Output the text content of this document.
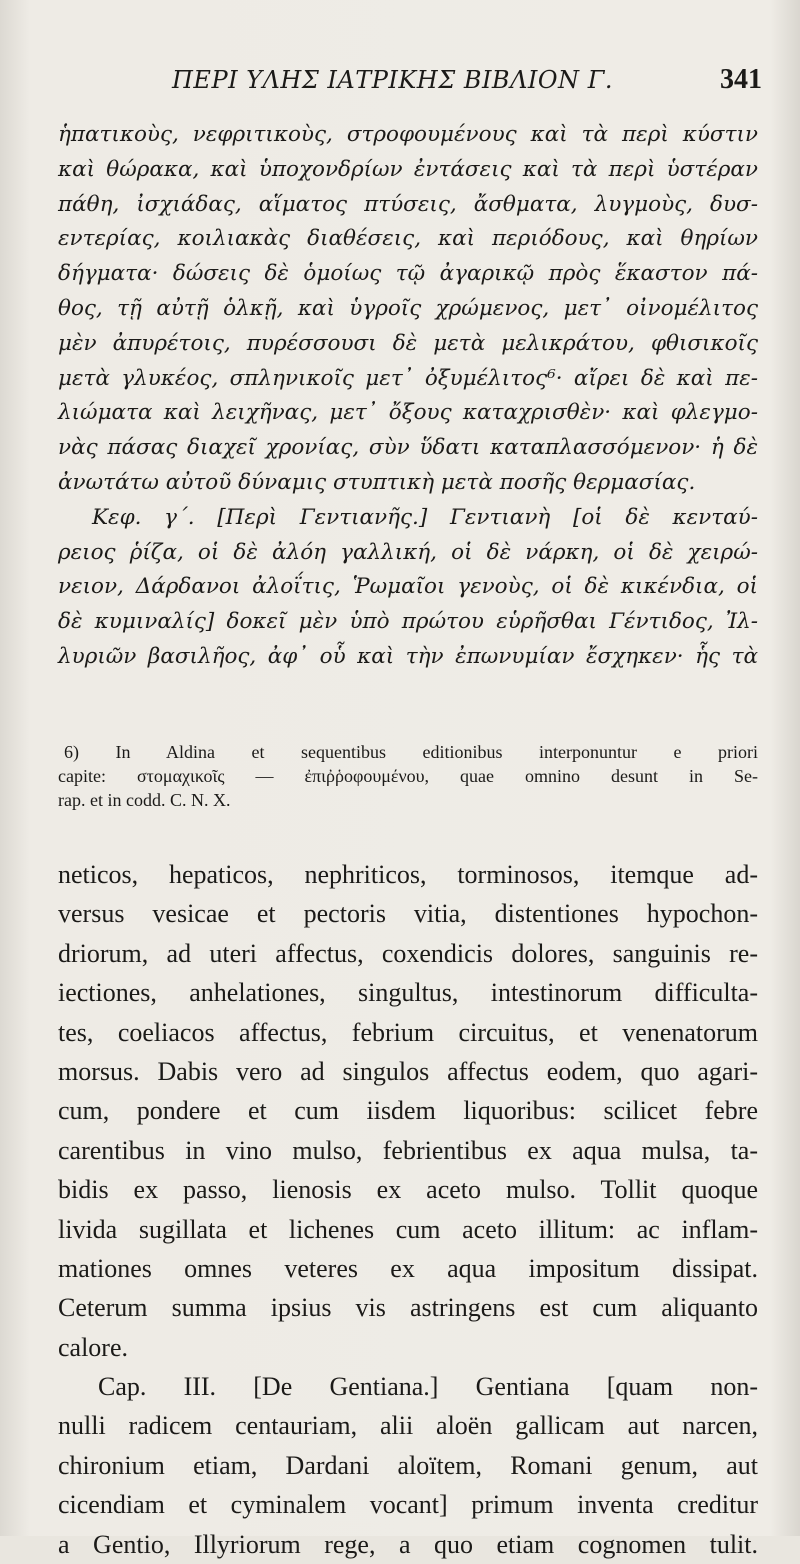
ΠΕΡΙ ΥΛΗΣ ΙΑΤΡΙΚΗΣ ΒΙΒΛΙΟΝ Γ.	341
ἡπατικοὺς, νεφριτικοὺς, στροφουμένους καὶ τὰ περὶ κύστιν
καὶ θώρακα, καὶ ὑποχονδρίων ἐντάσεις καὶ τὰ περὶ ὑστέραν
πάθη, ἰσχιάδας, αἵματος πτύσεις, ἄσθματα, λυγμοὺς, δυσ-
εντερίας, κοιλιακὰς διαθέσεις, καὶ περιόδους, καὶ θηρίων
δήγματα· δώσεις δὲ ὁμοίως τῷ ἀγαρικῷ πρὸς ἕκαστον πά-
θος, τῇ αὐτῇ ὁλκῇ, καὶ ὑγροῖς χρώμενος, μετ᾽ οἰνομέλιτος
μὲν ἀπυρέτοις, πυρέσσουσι δὲ μετὰ μελικράτου, φθισικοῖς
μετὰ γλυκέος, σπληνικοῖς μετ᾽ ὀξυμέλιτος⁶· αἴρει δὲ καὶ πε-
λιώματα καὶ λειχῆνας, μετ᾽ ὄξους καταχρισθὲν· καὶ φλεγμο-
νὰς πάσας διαχεῖ χρονίας, σὺν ὕδατι καταπλασσόμενον· ἡ δὲ
ἀνωτάτω αὐτοῦ δύναμις στυπτικὴ μετὰ ποσῆς θερμασίας.
Κεφ. γ΄. [Περὶ Γεντιανῆς.] Γεντιανὴ [οἱ δὲ κενταύ-
ρειος ῥίζα, οἱ δὲ ἀλόη γαλλική, οἱ δὲ νάρκη, οἱ δὲ χειρώ-
νειον, Δάρδανοι ἀλοΐτις, Ῥωμαῖοι γενοὺς, οἱ δὲ κικένδια, οἱ
δὲ κυμιναλίς] δοκεῖ μὲν ὑπὸ πρώτου εὑρῆσθαι Γέντιδος, Ἰλ-
λυριῶν βασιλῆος, ἀφ᾽ οὗ καὶ τὴν ἐπωνυμίαν ἔσχηκεν· ἧς τὰ
6) In Aldina et sequentibus editionibus interponuntur e priori
capite: στομαχικοῖς — ἐπιῤῥοφουμένου, quae omnino desunt in Se-
rap. et in codd. C. N. X.
neticos, hepaticos, nephriticos, torminosos, itemque ad-
versus vesicae et pectoris vitia, distentiones hypochon-
driorum, ad uteri affectus, coxendicis dolores, sanguinis re-
iectiones, anhelationes, singultus, intestinorum difficulta-
tes, coeliacos affectus, febrium circuitus, et venenatorum
morsus. Dabis vero ad singulos affectus eodem, quo agari-
cum, pondere et cum iisdem liquoribus: scilicet febre
carentibus in vino mulso, febrientibus ex aqua mulsa, ta-
bidis ex passo, lienosis ex aceto mulso. Tollit quoque
livida sugillata et lichenes cum aceto illitum: ac inflam-
mationes omnes veteres ex aqua impositum dissipat.
Ceterum summa ipsius vis astringens est cum aliquanto
calore.
Cap. III. [De Gentiana.] Gentiana [quam non-
nulli radicem centauriam, alii aloën gallicam aut narcen,
chironium etiam, Dardani aloïtem, Romani genum, aut
cicendiam et cyminalem vocant] primum inventa creditur
a Gentio, Illyriorum rege, a quo etiam cognomen tulit.
